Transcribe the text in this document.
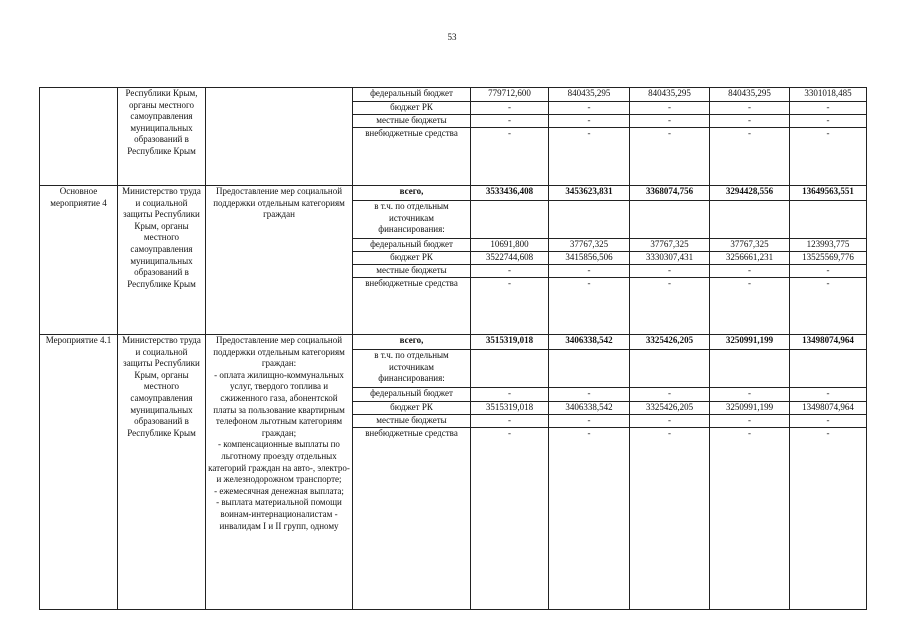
53
	Республики Крым, органы местного самоуправления муниципальных образований в Республике Крым		федеральный бюджет	779712,600	840435,295	840435,295	840435,295	3301018,485
			бюджет РК	-	-	-	-	-
			местные бюджеты	-	-	-	-	-
			внебюджетные средства	-	-	-	-	-
Основное мероприятие 4	Министерство труда и социальной защиты Республики Крым, органы местного самоуправления муниципальных образований в Республике Крым	Предоставление мер социальной поддержки отдельным категориям граждан	всего,	3533436,408	3453623,831	3368074,756	3294428,556	13649563,551
			в т.ч. по отдельным источникам финансирования:					
			федеральный бюджет	10691,800	37767,325	37767,325	37767,325	123993,775
			бюджет РК	3522744,608	3415856,506	3330307,431	3256661,231	13525569,776
			местные бюджеты	-	-	-	-	-
			внебюджетные средства	-	-	-	-	-
Мероприятие 4.1	Министерство труда и социальной защиты Республики Крым, органы местного самоуправления муниципальных образований в Республике Крым	Предоставление мер социальной поддержки отдельным категориям граждан:
- оплата жилищно-коммунальных услуг, твердого топлива и сжиженного газа, абонентской платы за пользование квартирным телефоном льготным категориям граждан;
- компенсационные выплаты по льготному проезду отдельных категорий граждан на авто-, электро- и железнодорожном транспорте;
- ежемесячная денежная выплата;
- выплата материальной помощи воинам-интернационалистам - инвалидам I и II групп, одному	всего,	3515319,018	3406338,542	3325426,205	3250991,199	13498074,964
			в т.ч. по отдельным источникам финансирования:					
			федеральный бюджет	-	-	-	-	-
			бюджет РК	3515319,018	3406338,542	3325426,205	3250991,199	13498074,964
			местные бюджеты	-	-	-	-	-
			внебюджетные средства	-	-	-	-	-
